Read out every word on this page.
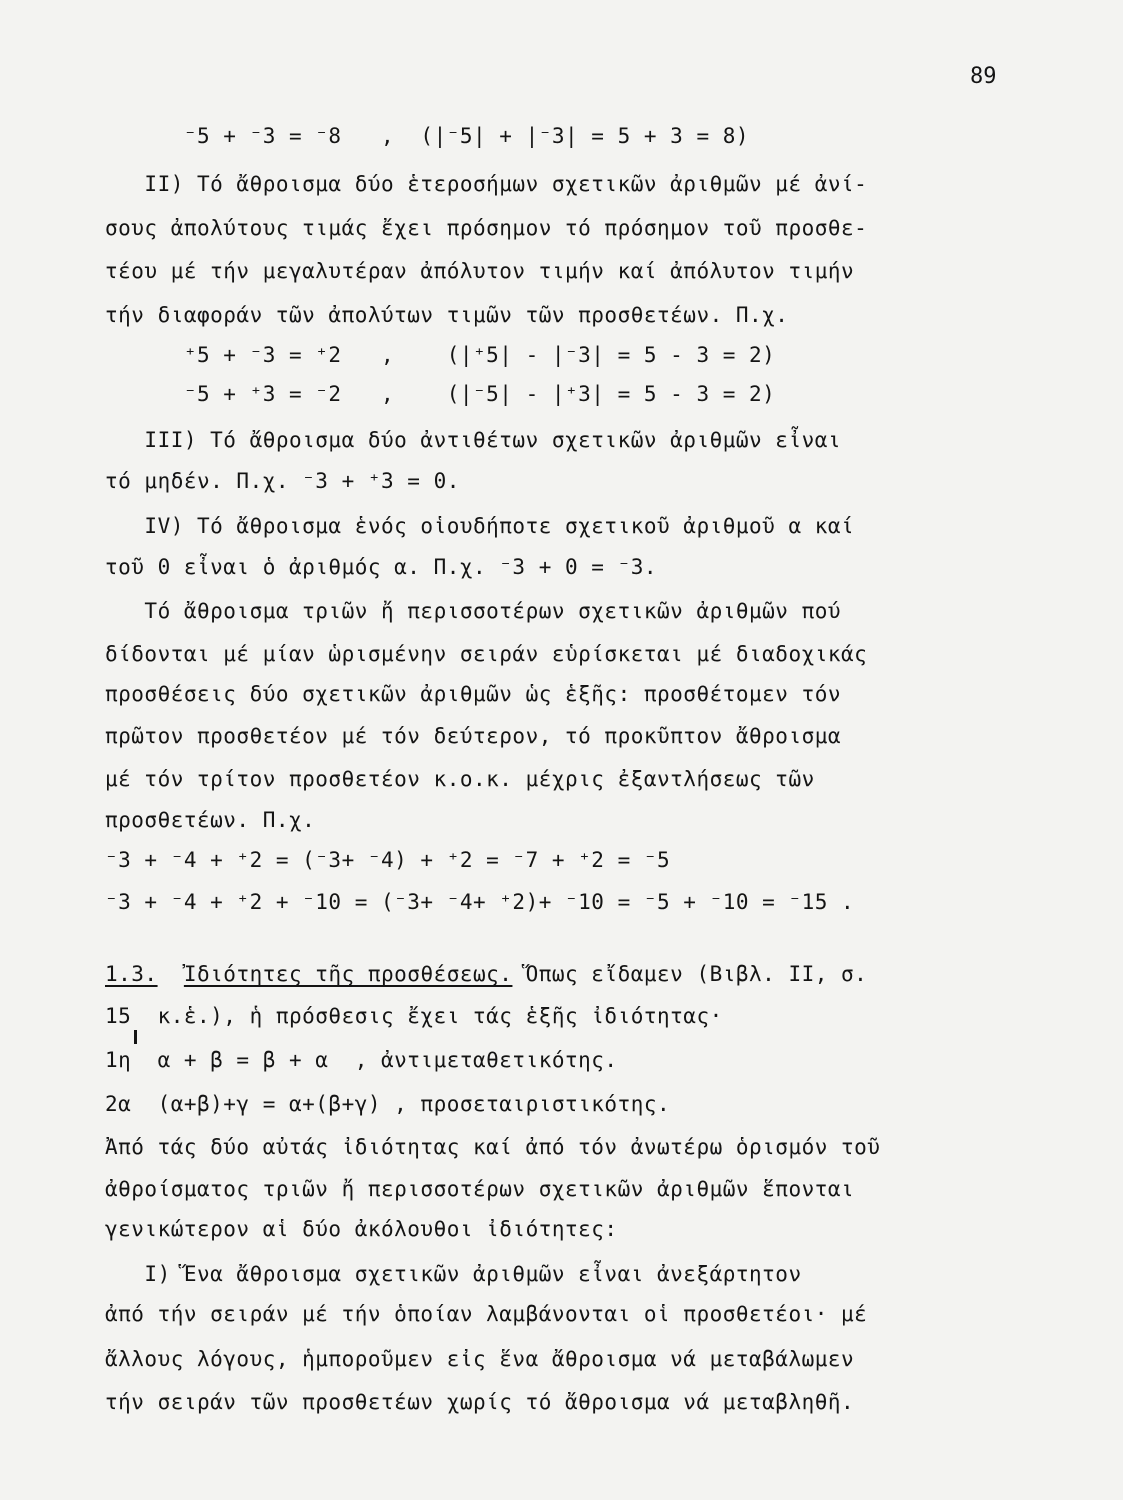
89
⁻5 + ⁻3 = ⁻8   ,  (|⁻5| + |⁻3| = 5 + 3 = 8)
II) Τό ἄθροισμα δύο ἑτεροσήμων σχετικῶν ἀριθμῶν μέ ἀνί-
σους ἀπολύτους τιμάς ἔχει πρόσημον τό πρόσημον τοῦ προσθε-
τέου μέ τήν μεγαλυτέραν ἀπόλυτον τιμήν καί ἀπόλυτον τιμήν
τήν διαφοράν τῶν ἀπολύτων τιμῶν τῶν προσθετέων. Π.χ.
⁺5 + ⁻3 = ⁺2   ,    (|⁺5| - |⁻3| = 5 - 3 = 2)
⁻5 + ⁺3 = ⁻2   ,    (|⁻5| - |⁺3| = 5 - 3 = 2)
III) Τό ἄθροισμα δύο ἀντιθέτων σχετικῶν ἀριθμῶν εἶναι
τό μηδέν. Π.χ. ⁻3 + ⁺3 = 0.
IV) Τό ἄθροισμα ἑνός οἱουδήποτε σχετικοῦ ἀριθμοῦ α καί
τοῦ 0 εἶναι ὁ ἀριθμός α. Π.χ. ⁻3 + 0 = ⁻3.
Τό ἄθροισμα τριῶν ἤ περισσοτέρων σχετικῶν ἀριθμῶν πού
δίδονται μέ μίαν ὡρισμένην σειράν εὑρίσκεται μέ διαδοχικάς
προσθέσεις δύο σχετικῶν ἀριθμῶν ὡς ἑξῆς: προσθέτομεν τόν
πρῶτον προσθετέον μέ τόν δεύτερον, τό προκῦπτον ἄθροισμα
μέ τόν τρίτον προσθετέον κ.ο.κ. μέχρις ἐξαντλήσεως τῶν
προσθετέων. Π.χ.
⁻3 + ⁻4 + ⁺2 = (⁻3+ ⁻4) + ⁺2 = ⁻7 + ⁺2 = ⁻5
⁻3 + ⁻4 + ⁺2 + ⁻10 = (⁻3+ ⁻4+ ⁺2)+ ⁻10 = ⁻5 + ⁻10 = ⁻15 .
1.3. Ἰδιότητες τῆς προσθέσεως. Ὅπως εἴδαμεν (Βιβλ. ΙΙ, σ.
15  κ.ἑ.), ἡ πρόσθεσις ἔχει τάς ἑξῆς ἰδιότητας·
1η  α + β = β + α  , ἀντιμεταθετικότης.
2α  (α+β)+γ = α+(β+γ) , προσεταιριστικότης.
Ἀπό τάς δύο αὐτάς ἰδιότητας καί ἀπό τόν ἀνωτέρω ὁρισμόν τοῦ
ἀθροίσματος τριῶν ἤ περισσοτέρων σχετικῶν ἀριθμῶν ἕπονται
γενικώτερον αἱ δύο ἀκόλουθοι ἰδιότητες:
Ι) Ἕνα ἄθροισμα σχετικῶν ἀριθμῶν εἶναι ἀνεξάρτητον
ἀπό τήν σειράν μέ τήν ὁποίαν λαμβάνονται οἱ προσθετέοι· μέ
ἄλλους λόγους, ἡμποροῦμεν εἰς ἕνα ἄθροισμα νά μεταβάλωμεν
τήν σειράν τῶν προσθετέων χωρίς τό ἄθροισμα νά μεταβληθῆ.
